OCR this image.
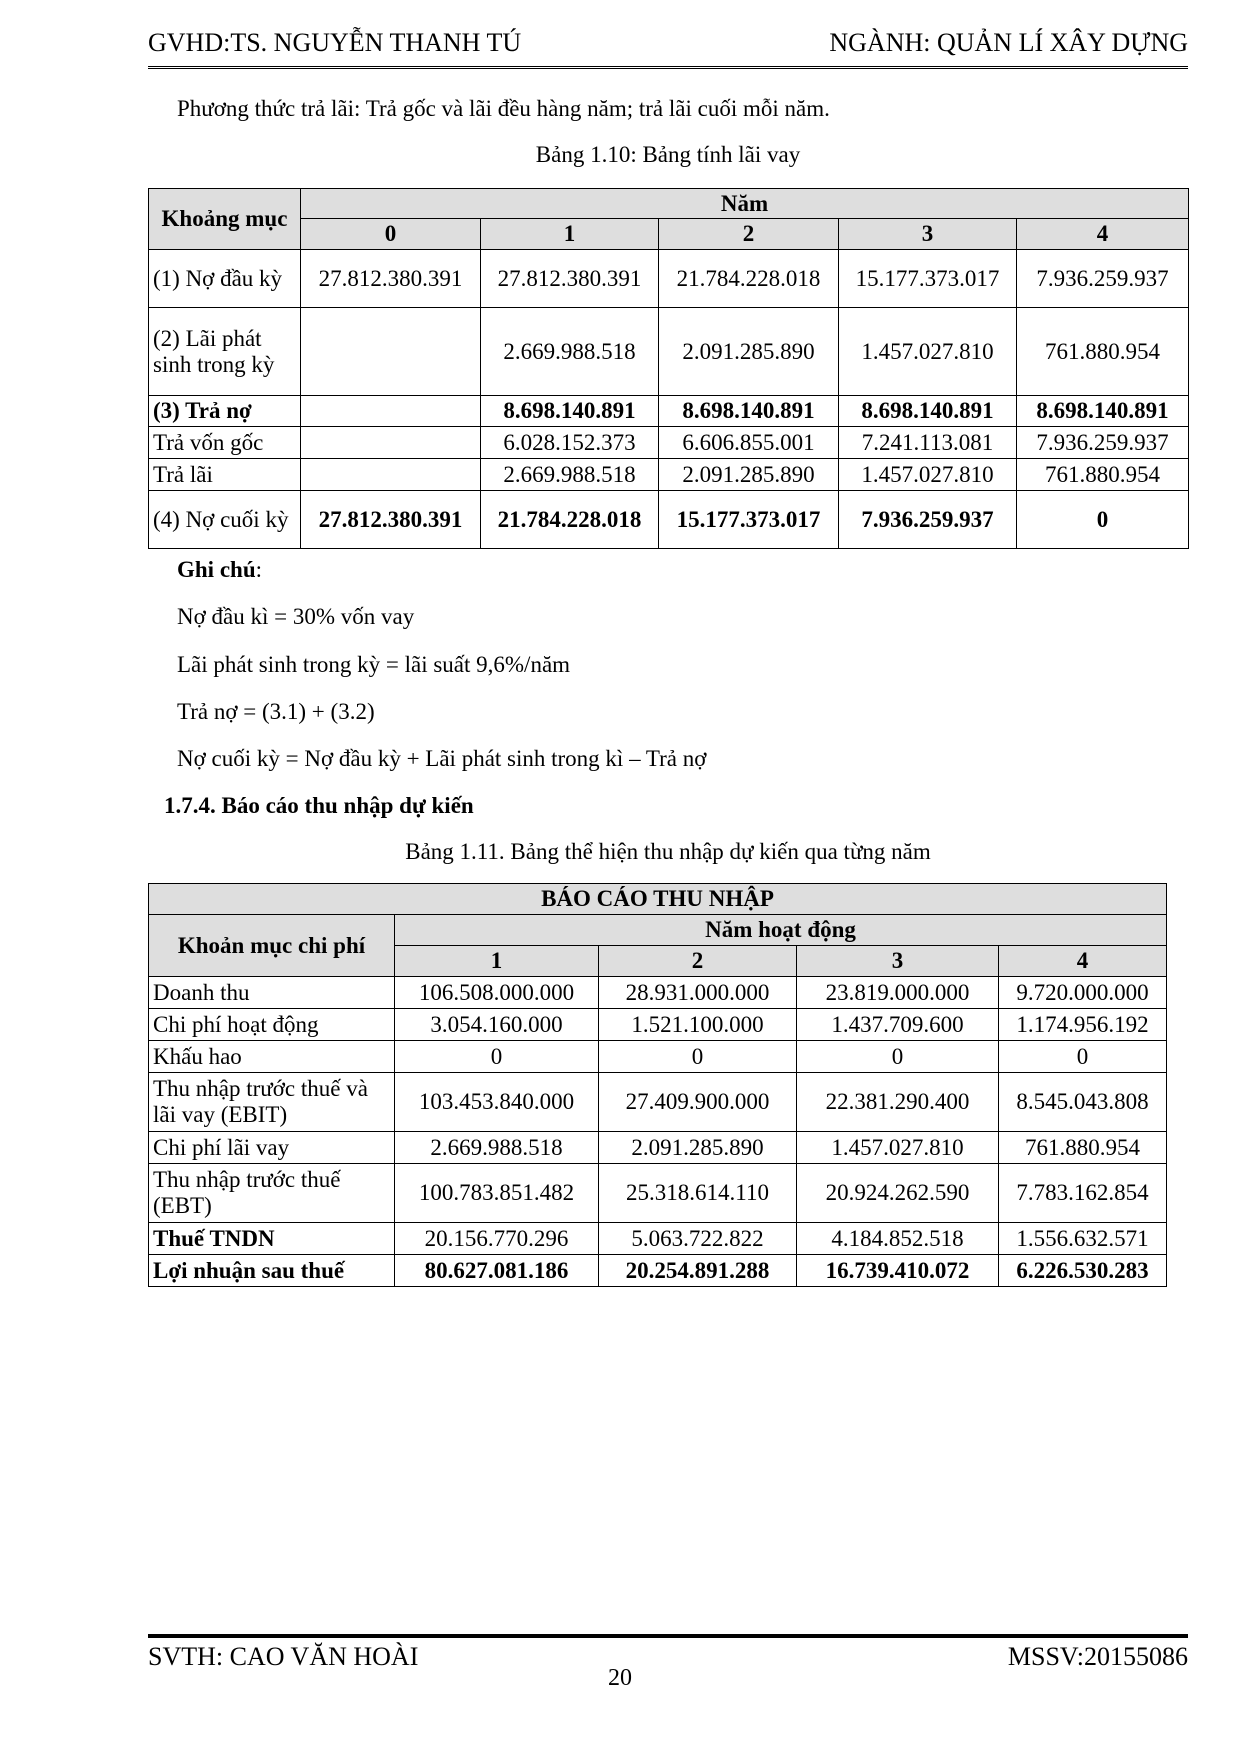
GVHD:TS. NGUYỄN THANH TÚ	NGÀNH: QUẢN LÍ XÂY DỰNG
Phương thức trả lãi: Trả gốc và lãi đều hàng năm; trả lãi cuối mỗi năm.
Bảng 1.10: Bảng tính lãi vay
Khoảng mục	Năm				
	0	1	2	3	4
(1) Nợ đầu kỳ	27.812.380.391	27.812.380.391	21.784.228.018	15.177.373.017	7.936.259.937
(2) Lãi phát sinh trong kỳ		2.669.988.518	2.091.285.890	1.457.027.810	761.880.954
(3) Trả nợ		8.698.140.891	8.698.140.891	8.698.140.891	8.698.140.891
Trả vốn gốc		6.028.152.373	6.606.855.001	7.241.113.081	7.936.259.937
Trả lãi		2.669.988.518	2.091.285.890	1.457.027.810	761.880.954
(4) Nợ cuối kỳ	27.812.380.391	21.784.228.018	15.177.373.017	7.936.259.937	0
Ghi chú:
Nợ đầu kì = 30% vốn vay
Lãi phát sinh trong kỳ = lãi suất 9,6%/năm
Trả nợ = (3.1) + (3.2)
Nợ cuối kỳ = Nợ đầu kỳ + Lãi phát sinh trong kì – Trả nợ
1.7.4. Báo cáo thu nhập dự kiến
Bảng 1.11. Bảng thể hiện thu nhập dự kiến qua từng năm
BÁO CÁO THU NHẬP				
Khoản mục chi phí	Năm hoạt động			
	1	2	3	4
Doanh thu	106.508.000.000	28.931.000.000	23.819.000.000	9.720.000.000
Chi phí hoạt động	3.054.160.000	1.521.100.000	1.437.709.600	1.174.956.192
Khấu hao	0	0	0	0
Thu nhập trước thuế và lãi vay (EBIT)	103.453.840.000	27.409.900.000	22.381.290.400	8.545.043.808
Chi phí lãi vay	2.669.988.518	2.091.285.890	1.457.027.810	761.880.954
Thu nhập trước thuế (EBT)	100.783.851.482	25.318.614.110	20.924.262.590	7.783.162.854
Thuế TNDN	20.156.770.296	5.063.722.822	4.184.852.518	1.556.632.571
Lợi nhuận sau thuế	80.627.081.186	20.254.891.288	16.739.410.072	6.226.530.283
SVTH: CAO VĂN HOÀI	MSSV:20155086
20
